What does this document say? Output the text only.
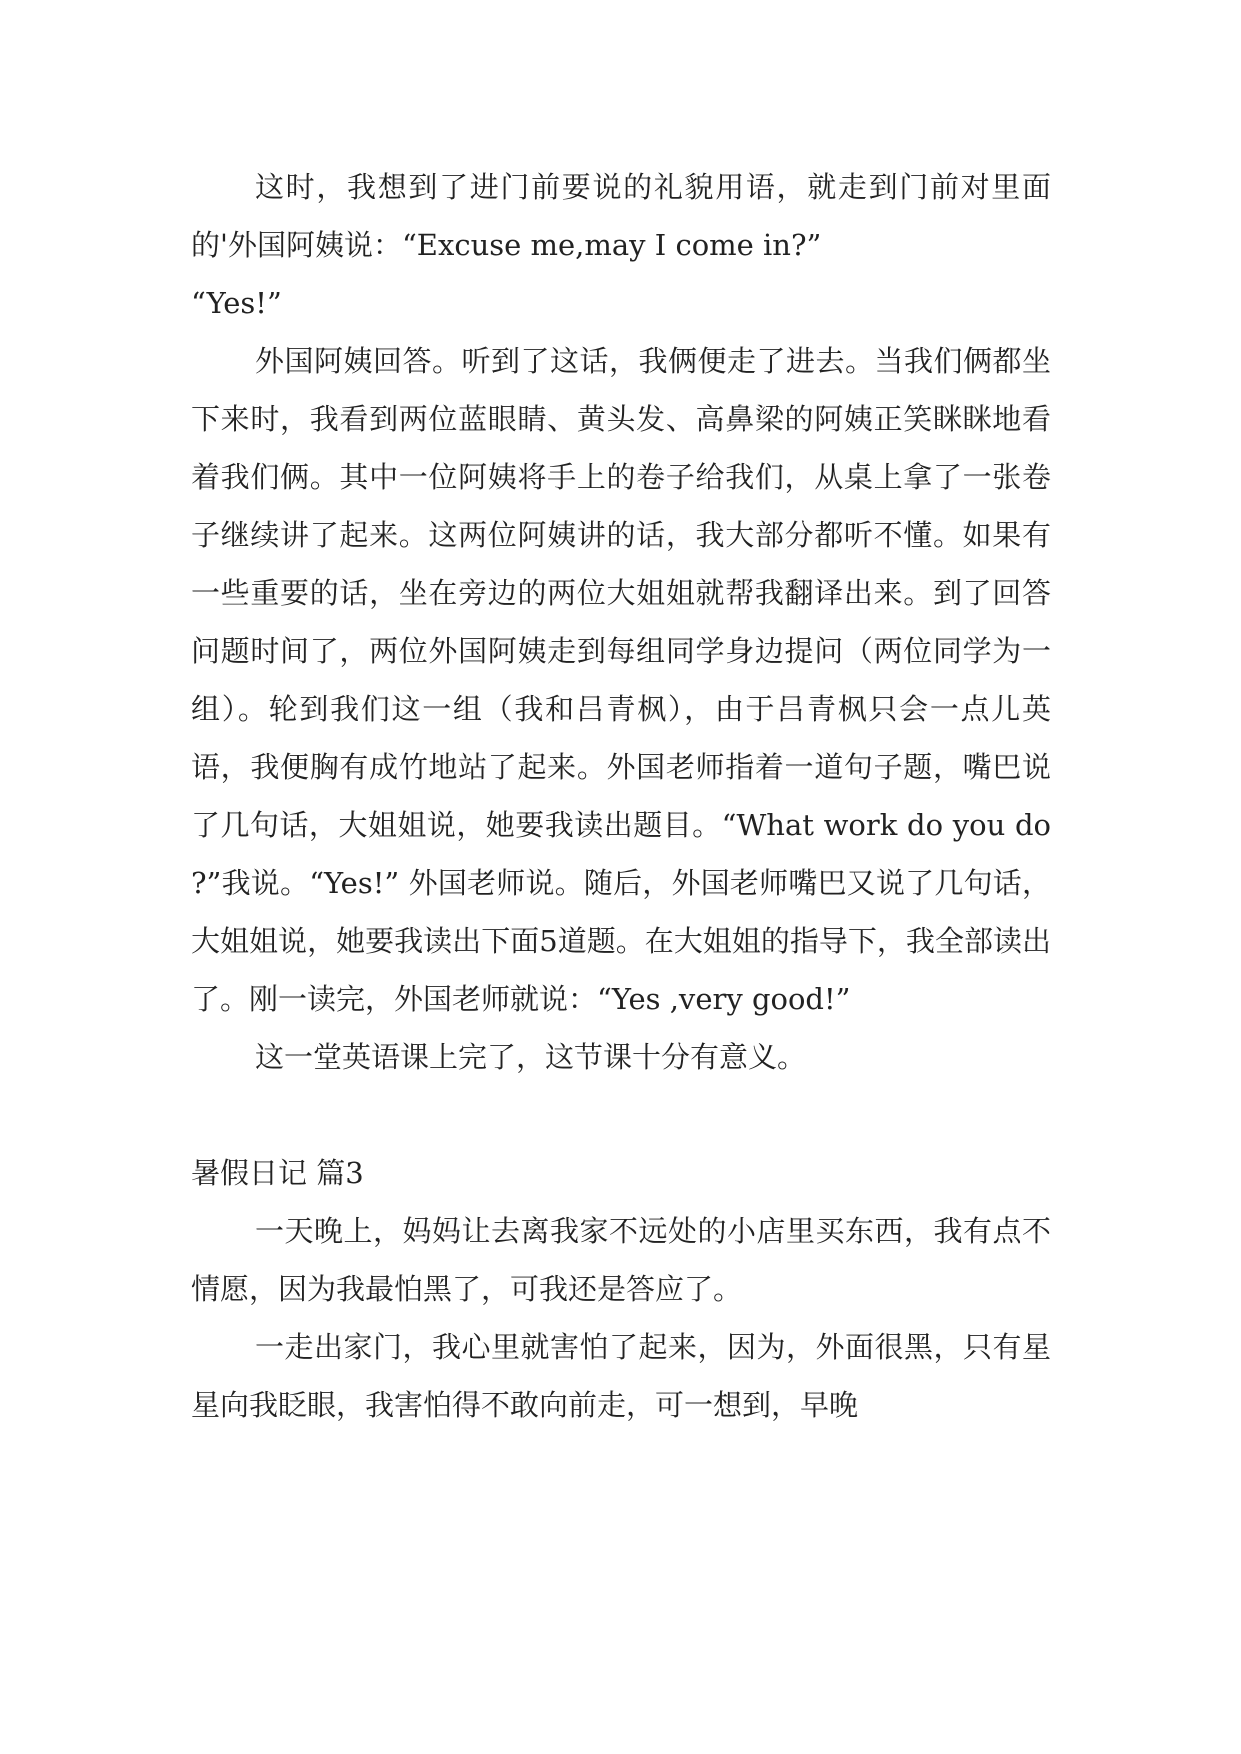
这时，我想到了进门前要说的礼貌用语，就走到门前对里面的'外国阿姨说：“Excuse me,may I come in?”

“Yes!”

外国阿姨回答。听到了这话，我俩便走了进去。当我们俩都坐下来时，我看到两位蓝眼睛、黄头发、高鼻梁的阿姨正笑眯眯地看着我们俩。其中一位阿姨将手上的卷子给我们，从桌上拿了一张卷子继续讲了起来。这两位阿姨讲的话，我大部分都听不懂。如果有一些重要的话，坐在旁边的两位大姐姐就帮我翻译出来。到了回答问题时间了，两位外国阿姨走到每组同学身边提问（两位同学为一组）。轮到我们这一组（我和吕青枫），由于吕青枫只会一点儿英语，我便胸有成竹地站了起来。外国老师指着一道句子题，嘴巴说了几句话，大姐姐说，她要我读出题目。“What work do you do ?”我说。“Yes!” 外国老师说。随后，外国老师嘴巴又说了几句话，大姐姐说，她要我读出下面5道题。在大姐姐的指导下，我全部读出了。刚一读完，外国老师就说：“Yes ,very good!”

这一堂英语课上完了，这节课十分有意义。

暑假日记 篇3

一天晚上，妈妈让去离我家不远处的小店里买东西，我有点不情愿，因为我最怕黑了，可我还是答应了。

一走出家门，我心里就害怕了起来，因为，外面很黑，只有星星向我眨眼，我害怕得不敢向前走，可一想到，早晚
